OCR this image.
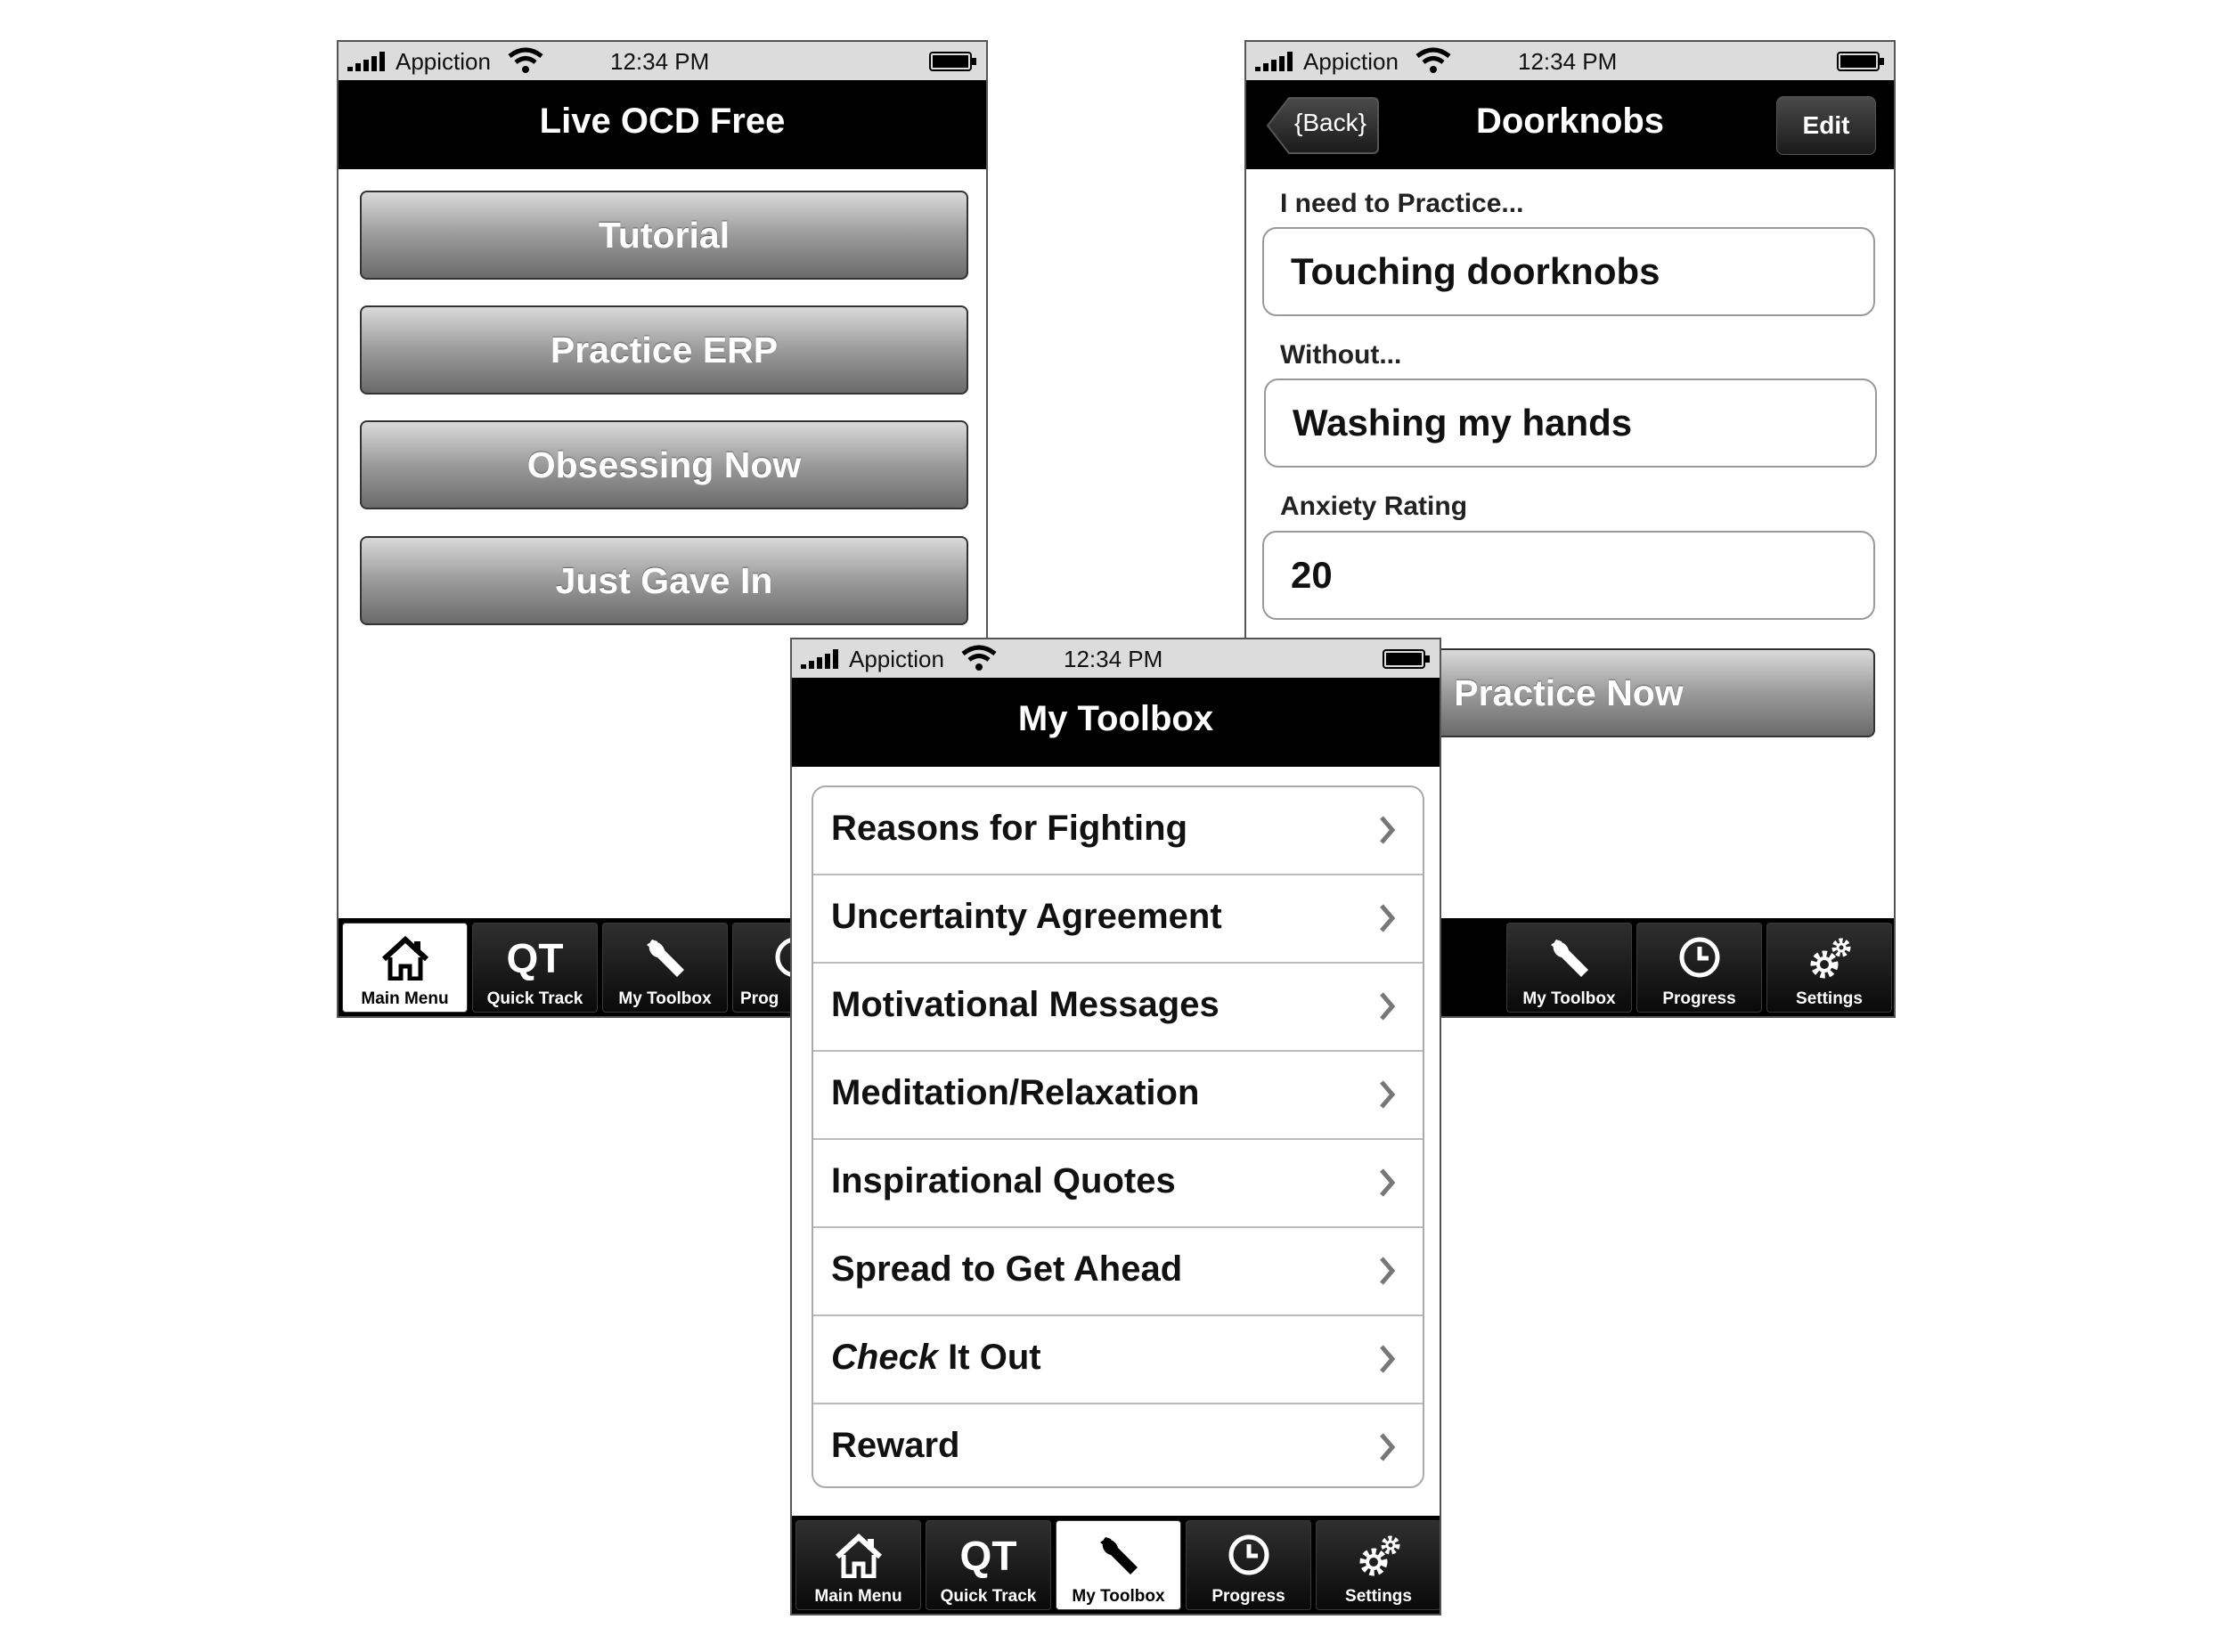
Appiction	12:34 PM
Live OCD Free
Tutorial
Practice ERP
Obsessing Now
Just Gave In
Main Menu
QT
Quick Track	My Toolbox	Prog
Appiction	12:34 PM
{Back}	Doorknobs	Edit
I need to Practice...
Touching doorknobs
Without...
Washing my hands
Anxiety Rating
20
Practice Now
My Toolbox	Progress	Settings
Appiction	12:34 PM
My Toolbox
Reasons for Fighting
Uncertainty Agreement
Motivational Messages
Meditation/Relaxation
Inspirational Quotes
Spread to Get Ahead
Check It Out
Reward
Main Menu
QT
Quick Track	My Toolbox	Progress	Settings
